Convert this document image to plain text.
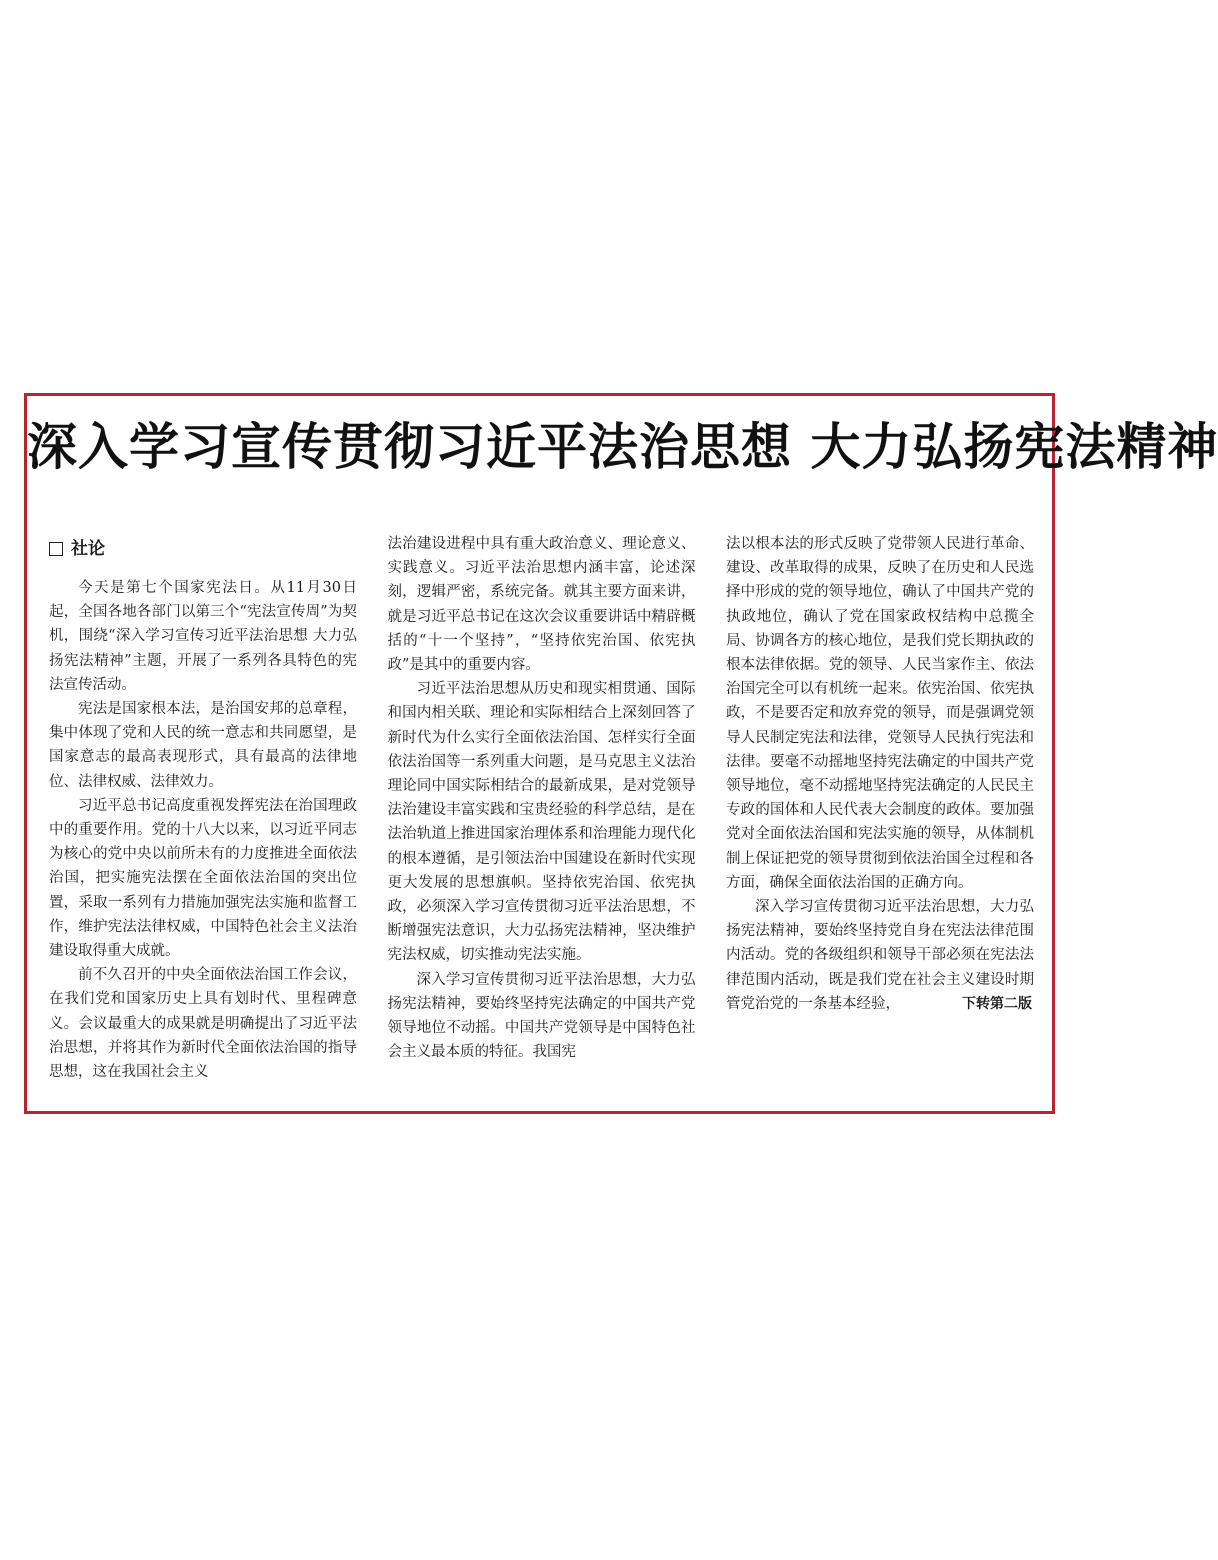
深入学习宣传贯彻习近平法治思想 大力弘扬宪法精神
社论

今天是第七个国家宪法日。从11月30日起，全国各地各部门以第三个“宪法宣传周”为契机，围绕“深入学习宣传习近平法治思想 大力弘扬宪法精神”主题，开展了一系列各具特色的宪法宣传活动。

宪法是国家根本法，是治国安邦的总章程，集中体现了党和人民的统一意志和共同愿望，是国家意志的最高表现形式，具有最高的法律地位、法律权威、法律效力。

习近平总书记高度重视发挥宪法在治国理政中的重要作用。党的十八大以来，以习近平同志为核心的党中央以前所未有的力度推进全面依法治国，把实施宪法摆在全面依法治国的突出位置，采取一系列有力措施加强宪法实施和监督工作，维护宪法法律权威，中国特色社会主义法治建设取得重大成就。

前不久召开的中央全面依法治国工作会议，在我们党和国家历史上具有划时代、里程碑意义。会议最重大的成果就是明确提出了习近平法治思想，并将其作为新时代全面依法治国的指导思想，这在我国社会主义

法治建设进程中具有重大政治意义、理论意义、实践意义。习近平法治思想内涵丰富，论述深刻，逻辑严密，系统完备。就其主要方面来讲，就是习近平总书记在这次会议重要讲话中精辟概括的“十一个坚持”，“坚持依宪治国、依宪执政”是其中的重要内容。

习近平法治思想从历史和现实相贯通、国际和国内相关联、理论和实际相结合上深刻回答了新时代为什么实行全面依法治国、怎样实行全面依法治国等一系列重大问题，是马克思主义法治理论同中国实际相结合的最新成果，是对党领导法治建设丰富实践和宝贵经验的科学总结，是在法治轨道上推进国家治理体系和治理能力现代化的根本遵循，是引领法治中国建设在新时代实现更大发展的思想旗帜。坚持依宪治国、依宪执政，必须深入学习宣传贯彻习近平法治思想，不断增强宪法意识，大力弘扬宪法精神，坚决维护宪法权威，切实推动宪法实施。

深入学习宣传贯彻习近平法治思想，大力弘扬宪法精神，要始终坚持宪法确定的中国共产党领导地位不动摇。中国共产党领导是中国特色社会主义最本质的特征。我国宪

法以根本法的形式反映了党带领人民进行革命、建设、改革取得的成果，反映了在历史和人民选择中形成的党的领导地位，确认了中国共产党的执政地位，确认了党在国家政权结构中总揽全局、协调各方的核心地位，是我们党长期执政的根本法律依据。党的领导、人民当家作主、依法治国完全可以有机统一起来。依宪治国、依宪执政，不是要否定和放弃党的领导，而是强调党领导人民制定宪法和法律，党领导人民执行宪法和法律。要毫不动摇地坚持宪法确定的中国共产党领导地位，毫不动摇地坚持宪法确定的人民民主专政的国体和人民代表大会制度的政体。要加强党对全面依法治国和宪法实施的领导，从体制机制上保证把党的领导贯彻到依法治国全过程和各方面，确保全面依法治国的正确方向。

深入学习宣传贯彻习近平法治思想，大力弘扬宪法精神，要始终坚持党自身在宪法法律范围内活动。党的各级组织和领导干部必须在宪法法律范围内活动，既是我们党在社会主义建设时期管党治党的一条基本经验，	下转第二版
